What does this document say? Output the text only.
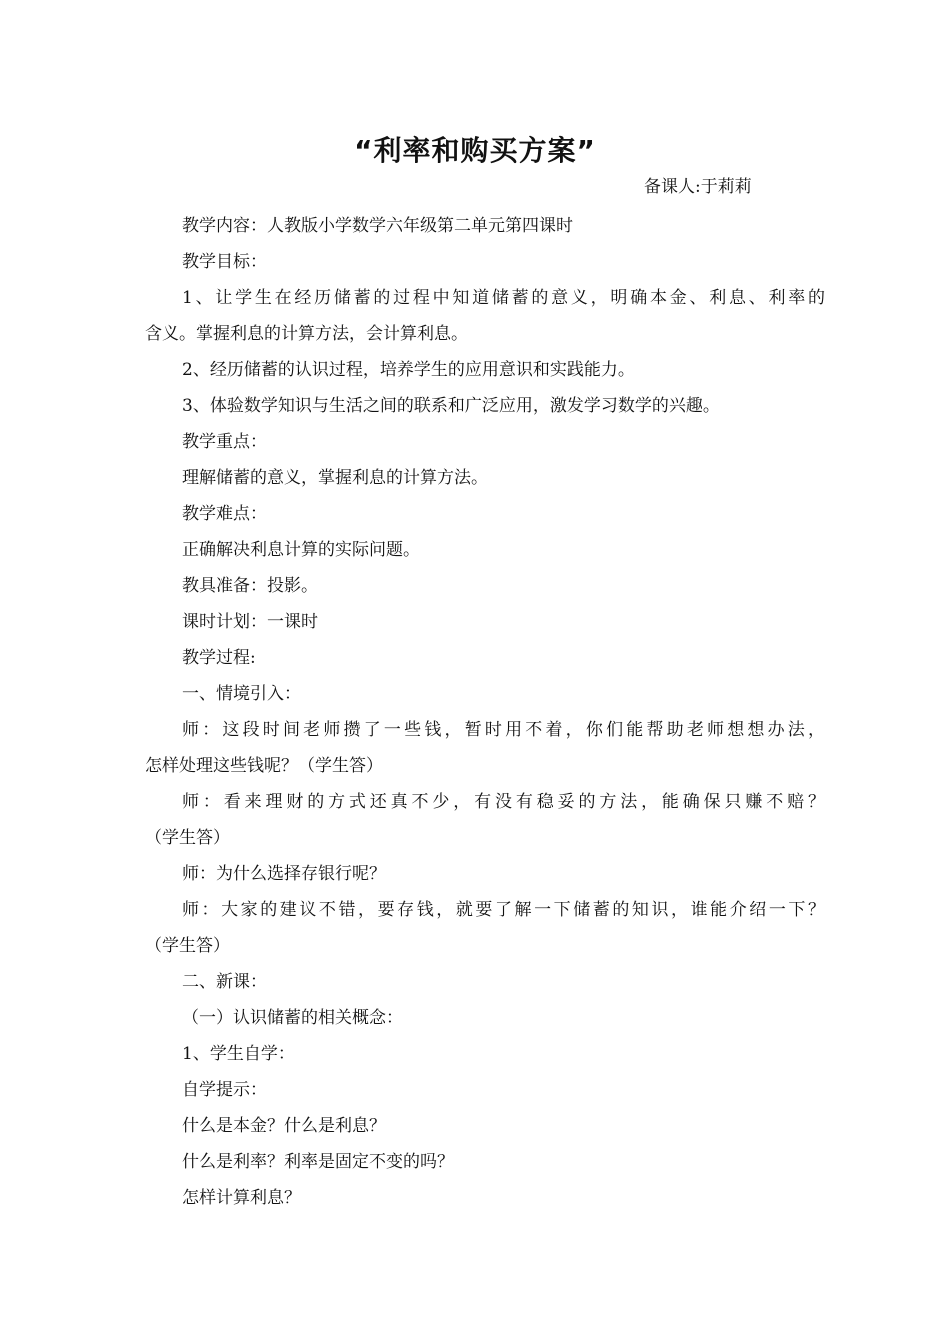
“利率和购买方案”
备课人:于莉莉
教学内容：人教版小学数学六年级第二单元第四课时
教学目标：
1、让学生在经历储蓄的过程中知道储蓄的意义，明确本金、利息、利率的
含义。掌握利息的计算方法，会计算利息。
2、经历储蓄的认识过程，培养学生的应用意识和实践能力。
3、体验数学知识与生活之间的联系和广泛应用，激发学习数学的兴趣。
教学重点：
理解储蓄的意义，掌握利息的计算方法。
教学难点：
正确解决利息计算的实际问题。
教具准备：投影。
课时计划：一课时
教学过程:
一、情境引入：
师：这段时间老师攒了一些钱，暂时用不着，你们能帮助老师想想办法，
怎样处理这些钱呢？（学生答）
师：看来理财的方式还真不少，有没有稳妥的方法，能确保只赚不赔？
（学生答）
师：为什么选择存银行呢？
师：大家的建议不错，要存钱，就要了解一下储蓄的知识，谁能介绍一下？
（学生答）
二、新课：
（一）认识储蓄的相关概念：
1、学生自学：
自学提示：
什么是本金？什么是利息？
什么是利率？利率是固定不变的吗？
怎样计算利息？
